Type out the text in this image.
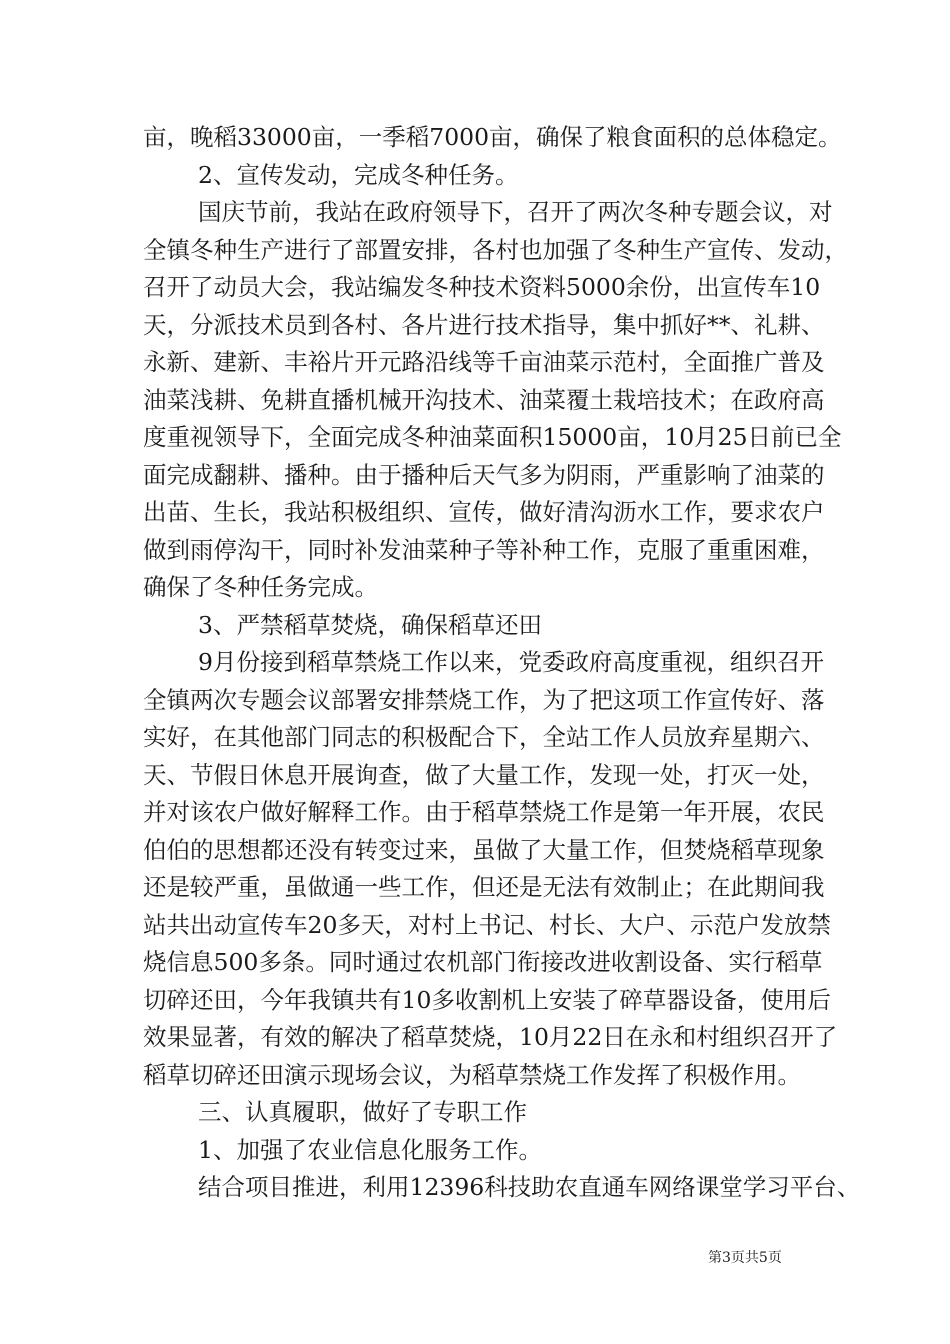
亩，晚稻33000亩，一季稻7000亩，确保了粮食面积的总体稳定。
2、宣传发动，完成冬种任务。
国庆节前，我站在政府领导下，召开了两次冬种专题会议，对
全镇冬种生产进行了部置安排，各村也加强了冬种生产宣传、发动，
召开了动员大会，我站编发冬种技术资料5000余份，出宣传车10
天，分派技术员到各村、各片进行技术指导，集中抓好**、礼耕、
永新、建新、丰裕片开元路沿线等千亩油菜示范村，全面推广普及
油菜浅耕、免耕直播机械开沟技术、油菜覆土栽培技术；在政府高
度重视领导下，全面完成冬种油菜面积15000亩，10月25日前已全
面完成翻耕、播种。由于播种后天气多为阴雨，严重影响了油菜的
出苗、生长，我站积极组织、宣传，做好清沟沥水工作，要求农户
做到雨停沟干，同时补发油菜种子等补种工作，克服了重重困难，
确保了冬种任务完成。
3、严禁稻草焚烧，确保稻草还田
9月份接到稻草禁烧工作以来，党委政府高度重视，组织召开
全镇两次专题会议部署安排禁烧工作，为了把这项工作宣传好、落
实好，在其他部门同志的积极配合下，全站工作人员放弃星期六、
天、节假日休息开展询查，做了大量工作，发现一处，打灭一处，
并对该农户做好解释工作。由于稻草禁烧工作是第一年开展，农民
伯伯的思想都还没有转变过来，虽做了大量工作，但焚烧稻草现象
还是较严重，虽做通一些工作，但还是无法有效制止；在此期间我
站共出动宣传车20多天，对村上书记、村长、大户、示范户发放禁
烧信息500多条。同时通过农机部门衔接改进收割设备、实行稻草
切碎还田，今年我镇共有10多收割机上安装了碎草器设备，使用后
效果显著，有效的解决了稻草焚烧，10月22日在永和村组织召开了
稻草切碎还田演示现场会议，为稻草禁烧工作发挥了积极作用。
三、认真履职，做好了专职工作
1、加强了农业信息化服务工作。
结合项目推进，利用12396科技助农直通车网络课堂学习平台、
第3页共5页
